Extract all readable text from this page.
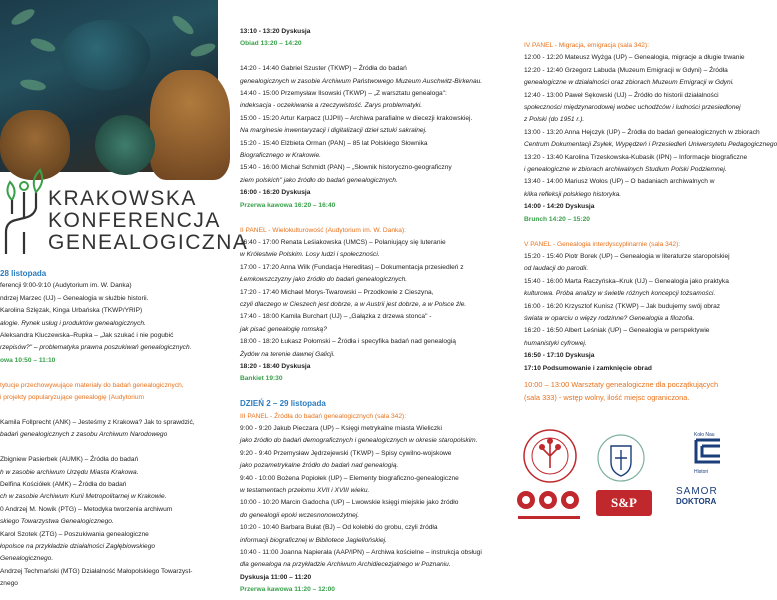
KRAKOWSKA
KONFERENCJA
GENEALOGICZNA
28 listopada
ferencji 9:00-9:10 (Audytorium im. W. Danka)
ndrzej Marzec (UJ) – Genealogia w służbie historii.
Karolina Szlęzak, Kinga Urbańska (TKWP/YRIP)
alogie. Rynek usług i produktów genealogicznych.
Aleksandra Kluczewska–Rupka – „Jak szukać i nie pogubić
rzepisów?" – problematyka prawna poszukiwań genealogicznych.
owa 10:50 – 11:10

tytucje przechowywujące materiały do badań genealogicznych,
i projekty popularyzujące genealogię (Audytorium

Kamila Follprecht (ANK) – Jesteśmy z Krakowa? Jak to sprawdzić,
badań genealogicznych z zasobu Archiwum Narodowego

Zbigniew Pasierbek (AUMK) – Źródła do badań
h w zasobie archiwum Urzędu Miasta Krakowa.
Delfina Kościółek (AMK) – Źródła do badań
ch w zasobie Archiwum Kurii Metropolitarnej w Krakowie.
0 Andrzej M. Nowik (PTG) – Metodyka tworzenia archiwum
skiego Towarzystwa Genealogicznego.
Karol Szotek (ZTG) – Poszukiwania genealogiczne
łopolsce na przykładzie działalności Zagłębiowskiego
Genealogicznego.
Andrzej Techmański (MTG) Działalność Małopolskiego Towarzyst-
znego
13:10 - 13:20 Dyskusja
Obiad 13:20 – 14:20

14:20 - 14:40 Gabriel Szuster (TKWP) – Źródła do badań
genealogicznych w zasobie Archiwum Państwowego Muzeum Auschwitz-Birkenau.
14:40 - 15:00 Przemysław Ilsowski (TKWP) – „Z warsztatu genealoga":
indeksacja - oczekiwania a rzeczywistość. Zarys problematyki.
15:00 - 15:20 Artur Karpacz (UJPII) – Archiwa parafialne w diecezji krakowskiej.
Na marginesie inwentaryzacji i digitalizacji dzieł sztuki sakralnej.
15:20 - 15:40 Elżbieta Orman (PAN) – 85 lat Polskiego Słownika
Biograficznego w Krakowie.
15:40 - 16:00 Michał Schmidt (PAN) – „Słownik historyczno-geograficzny
ziem polskich" jako źródło do badań genealogicznych.
16:00 - 16:20 Dyskusja
Przerwa kawowa 16:20 – 16:40

II PANEL - Wielokulturowość (Audytorium im. W. Danka):
16:40 - 17:00 Renata Leśiakowska (UMCS) – Polaniujący się luteranie
w Królestwie Polskim. Losy ludzi i społeczności.
17:00 - 17:20 Anna Wilk (Fundacja Hereditas) – Dokumentacja przesiedleń z
Łemkowszczyzny jako źródło do badań genealogicznych.
17:20 - 17:40 Michael Morys-Twarowski – Przodkowie z Cieszyna,
czyli dlaczego w Cieszech jest dobrze, a w Austrii jest dobrze, a w Polsce źle.
17:40 - 18:00 Kamila Burchart (UJ) – „Gałązka z drzewa stonca" -
jak pisać genealogię romską?
18:00 - 18:20 Łukasz Połomski – Źródła i specyfika badań nad genealogią
Żydów na terenie dawnej Galicji.
18:20 - 18:40 Dyskusja
Bankiet 19:30

DZIEŃ 2 – 29 listopada
III PANEL - Źródła do badań genealogicznych (sala 342):
9:00 - 9:20 Jakub Pieczara (UP) – Księgi metrykalne miasta Wieliczki
jako źródło do badań demograficznych i genealogicznych w okresie staropolskim.
9:20 - 9:40 Przemysław Jędrzejewski (TKWP) – Spisy cywilno-wojskowe
jako pozametrykalne źródło do badań nad genealogią.
9:40 - 10:00 Bożena Popiołek (UP) – Elementy biograficzno-genealogiczne
w testamentach przełomu XVII i XVIII wieku.
10:00 - 10:20 Marcin Gadocha (UP) – Lwowskie księgi miejskie jako źródło
do genealogii epoki wczesnonowożytnej.
10:20 - 10:40 Barbara Bułat (BJ) – Od kolebki do grobu, czyli źródła
informacji biograficznej w Bibliotece Jagiellońskiej.
10:40 - 11:00 Joanna Napierała (AAP/IPN) – Archiwa kościelne – instrukcja obsługi
dla genealoga na przykładzie Archiwum Archidiecezjalnego w Poznaniu.
Dyskusja 11:00 – 11:20
Przerwa kawowa 11:20 – 12:00
IV PANEL - Migracja, emigracja (sala 342):
12:00 - 12:20 Mateusz Wyżga (UP) – Genealogia, migracje a długie trwanie
12:20 - 12:40 Grzegorz Labuda (Muzeum Emigracji w Gdyni) – Źródła
genealogiczne w działalności oraz zbiorach Muzeum Emigracji w Gdyni.
12:40 - 13:00 Paweł Sękowski (UJ) – Źródło do historii działalności
społeczności międzynarodowej wobec uchodźców i ludności przesiedlonej
z Polski (do 1951 r.).
13:00 - 13:20 Anna Hejczyk (UP) – Źródła do badań genealogicznych w zbiorach
Centrum Dokumentacji Zsyłek, Wypędzeń i Przesiedleń Uniwersytetu Pedagogicznego
13:20 - 13:40 Karolina Trzeskowska-Kubasik (IPN) – Informacje biograficzne
i genealogiczne w zbiorach archiwalnych Studium Polski Podziemnej.
13:40 - 14:00 Mariusz Wołos (UP) – O badaniach archiwalnych w
kilka refleksji polskiego historyka.
14:00 - 14:20 Dyskusja
Brunch 14:20 – 15:20

V PANEL - Genealogia interdyscyplinarnie (sala 342):
15:20 - 15:40 Piotr Borek (UP) – Genealogia w literaturze staropolskiej
od laudacji do parodii.
15:40 - 16:00 Marta Raczyńska–Kruk (UJ) – Genealogia jako praktyka
kulturowa. Próba analizy w świetle różnych koncepcji tożsamości.
16:00 - 16:20 Krzysztof Kunisz (TKWP) – Jak budujemy swój obraz
świata w oparciu o więzy rodzinne? Genealogia a filozofia.
16:20 - 16:50 Albert Leśniak (UP) – Genealogia w perspektywie
humanistyki cyfrowej.
16:50 - 17:10 Dyskusja
17:10 Podsumowanie i zamknięcie obrad
10:00 – 13:00 Warsztaty genealogiczne dla początkujących
(sala 333) - wstęp wolny, ilość miejsc ograniczona.
Koło Nau
Histori
S&P
SAMOR
DOKTORA
